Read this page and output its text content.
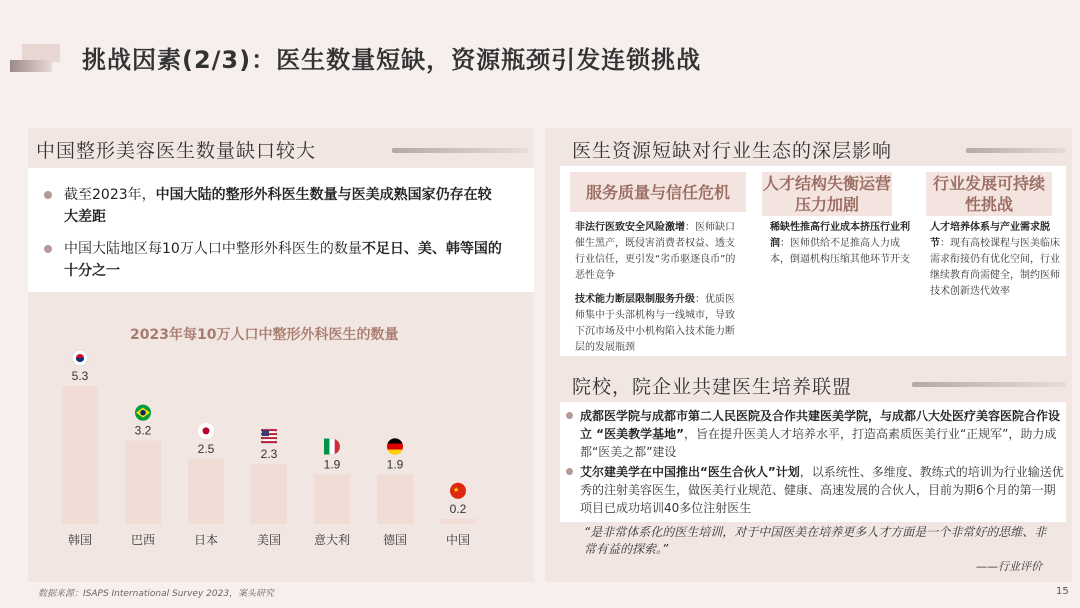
挑战因素(2/3)：医生数量短缺，资源瓶颈引发连锁挑战
中国整形美容医生数量缺口较大
截至2023年，中国大陆的整形外科医生数量与医美成熟国家仍存在较大差距
中国大陆地区每10万人口中整形外科医生的数量不足日、美、韩等国的十分之一
2023年每10万人口中整形外科医生的数量
5.3
韩国
3.2
巴西
2.5
日本
2.3
美国
1.9
意大利
1.9
德国
0.2
★
中国
医生资源短缺对行业生态的深层影响
服务质量与信任危机
非法行医致安全风险激增：医师缺口催生黑产，既侵害消费者权益、透支行业信任，更引发“劣币驱逐良币”的恶性竞争
技术能力断层限制服务升级：优质医师集中于头部机构与一线城市，导致下沉市场及中小机构陷入技术能力断层的发展瓶颈
人才结构失衡运营压力加剧
稀缺性推高行业成本挤压行业利润：医师供给不足推高人力成本，倒逼机构压缩其他环节开支
行业发展可持续性挑战
人才培养体系与产业需求脱节：现有高校课程与医美临床需求衔接仍有优化空间，行业继续教育尚需健全，制约医师技术创新迭代效率
院校，院企业共建医生培养联盟
成都医学院与成都市第二人民医院及合作共建医美学院，与成都八大处医疗美容医院合作设立 “医美教学基地”，旨在提升医美人才培养水平，打造高素质医美行业“正规军”，助力成都“医美之都”建设
艾尔建美学在中国推出“医生合伙人”计划，以系统性、多维度、教练式的培训为行业输送优秀的注射美容医生，做医美行业规范、健康、高速发展的合伙人，目前为期6个月的第一期项目已成功培训40多位注射医生
“是非常体系化的医生培训，对于中国医美在培养更多人才方面是一个非常好的思维、非常有益的探索。”
——行业评价
数据来源：ISAPS International Survey 2023，案头研究	15
